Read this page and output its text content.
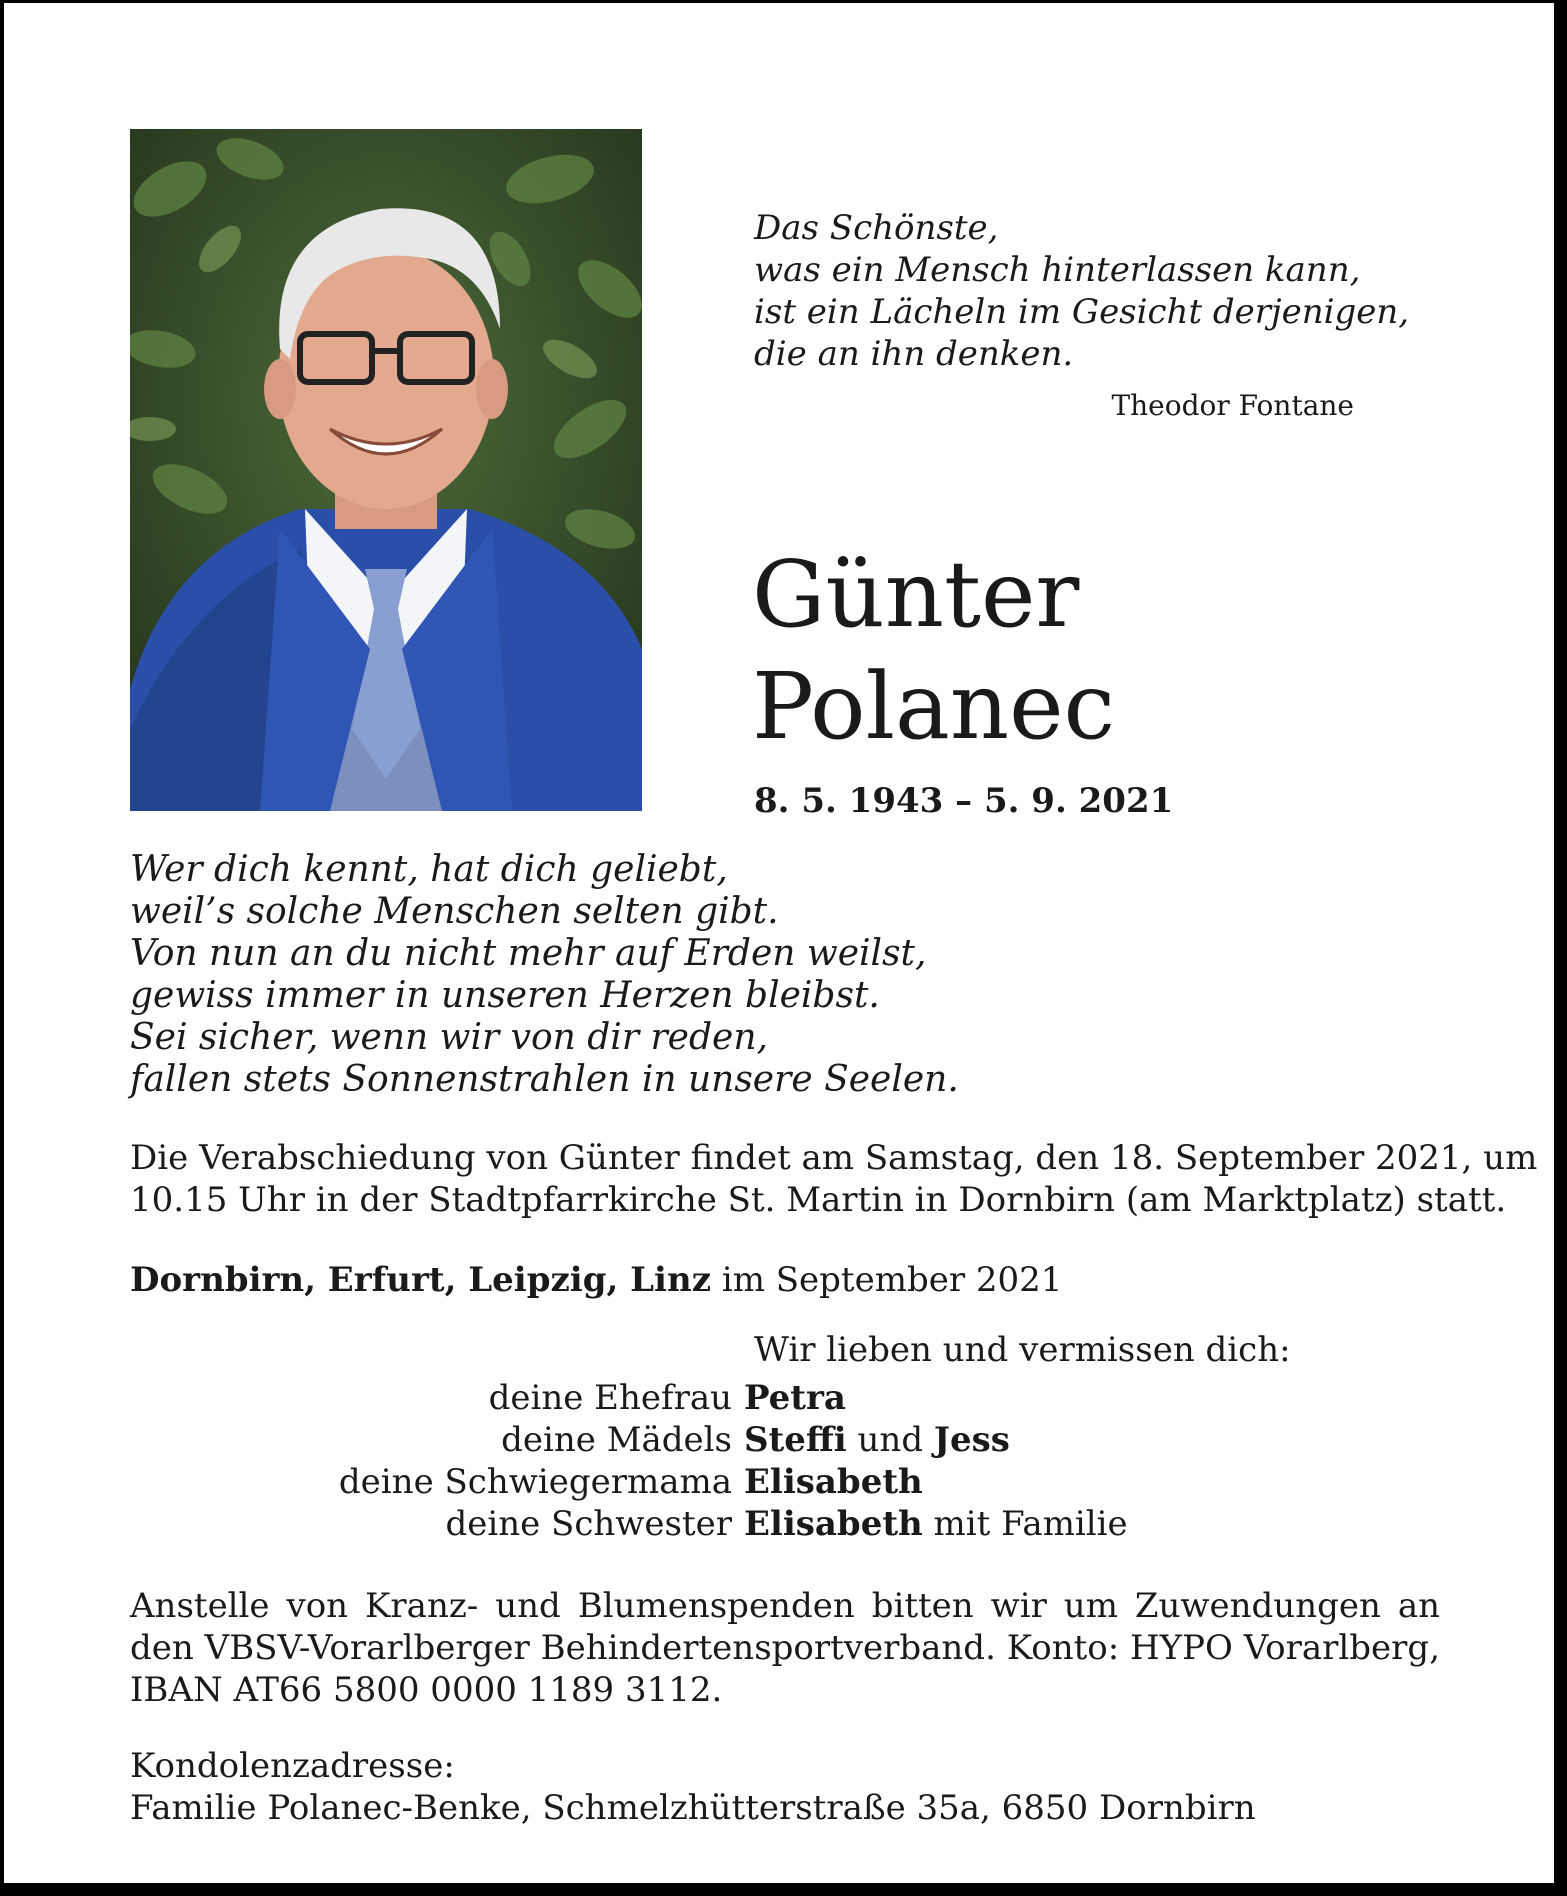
Das Schönste,
was ein Mensch hinterlassen kann,
ist ein Lächeln im Gesicht derjenigen,
die an ihn denken.
Theodor Fontane
Günter
Polanec
8. 5. 1943 – 5. 9. 2021
Wer dich kennt, hat dich geliebt,
weil’s solche Menschen selten gibt.
Von nun an du nicht mehr auf Erden weilst,
gewiss immer in unseren Herzen bleibst.
Sei sicher, wenn wir von dir reden,
fallen stets Sonnenstrahlen in unsere Seelen.
Die Verabschiedung von Günter findet am Samstag, den 18. September 2021, um
10.15 Uhr in der Stadtpfarrkirche St. Martin in Dornbirn (am Marktplatz) statt.
Dornbirn, Erfurt, Leipzig, Linz im September 2021
Wir lieben und vermissen dich:
deine Ehefrau Petra
deine Mädels Steffi und Jess
deine Schwiegermama Elisabeth
deine Schwester Elisabeth mit Familie
Anstelle von Kranz- und Blumenspenden bitten wir um Zuwendungen an
den VBSV-Vorarlberger Behindertensportverband. Konto: HYPO Vorarlberg,
IBAN AT66 5800 0000 1189 3112.
Kondolenzadresse:
Familie Polanec-Benke, Schmelzhütterstraße 35a, 6850 Dornbirn
